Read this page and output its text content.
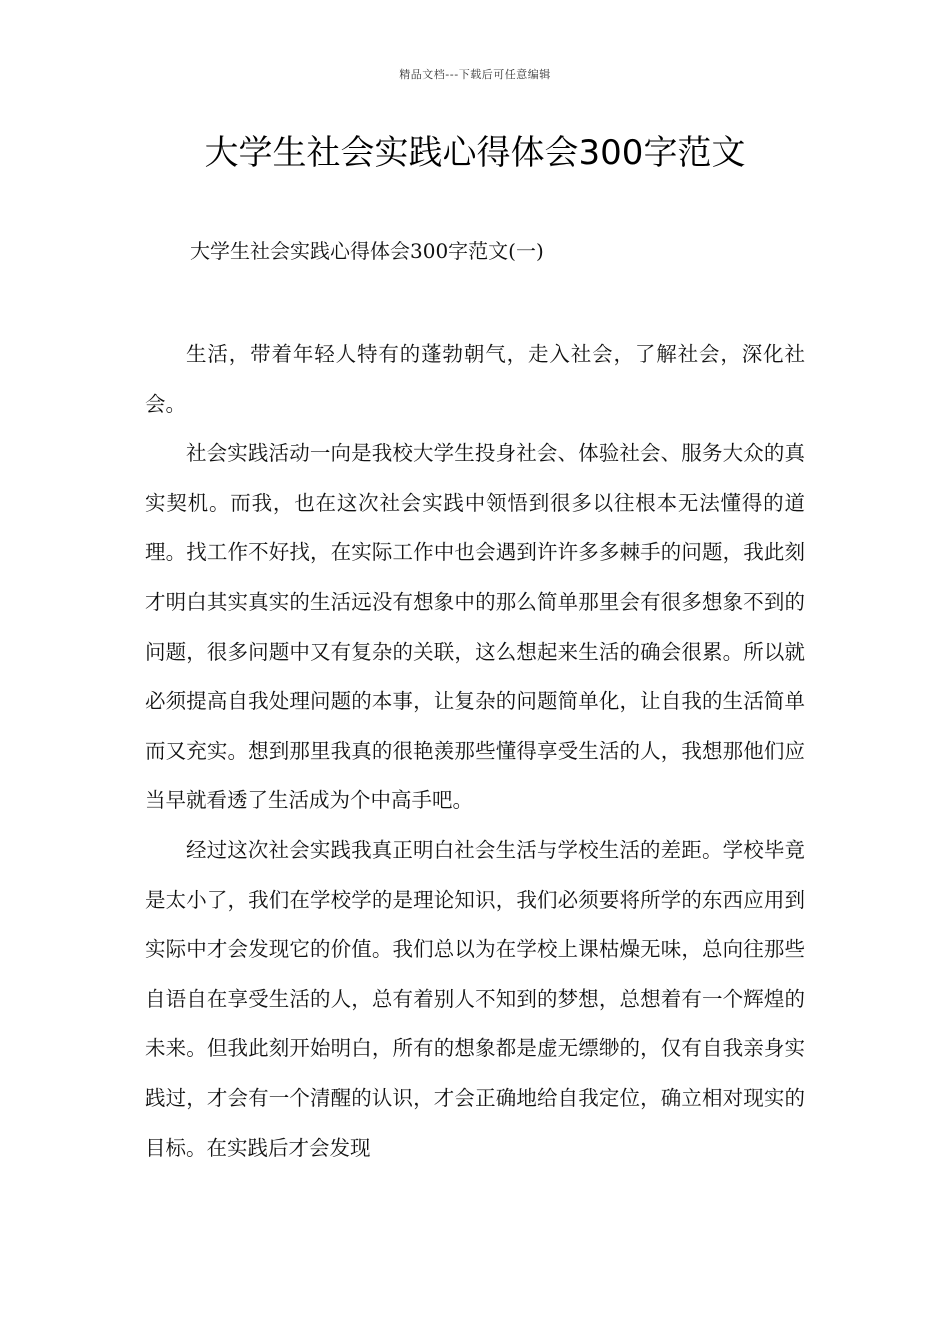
精品文档---下载后可任意编辑
大学生社会实践心得体会300字范文
大学生社会实践心得体会300字范文(一)

生活，带着年轻人特有的蓬勃朝气，走入社会，了解社会，深化社会。

社会实践活动一向是我校大学生投身社会、体验社会、服务大众的真实契机。而我，也在这次社会实践中领悟到很多以往根本无法懂得的道理。找工作不好找，在实际工作中也会遇到许许多多棘手的问题，我此刻才明白其实真实的生活远没有想象中的那么简单那里会有很多想象不到的问题，很多问题中又有复杂的关联，这么想起来生活的确会很累。所以就必须提高自我处理问题的本事，让复杂的问题简单化，让自我的生活简单而又充实。想到那里我真的很艳羡那些懂得享受生活的人，我想那他们应当早就看透了生活成为个中高手吧。

经过这次社会实践我真正明白社会生活与学校生活的差距。学校毕竟是太小了，我们在学校学的是理论知识，我们必须要将所学的东西应用到实际中才会发现它的价值。我们总以为在学校上课枯燥无味，总向往那些自语自在享受生活的人，总有着别人不知到的梦想，总想着有一个辉煌的未来。但我此刻开始明白，所有的想象都是虚无缥缈的，仅有自我亲身实践过，才会有一个清醒的认识，才会正确地给自我定位，确立相对现实的目标。在实践后才会发现
